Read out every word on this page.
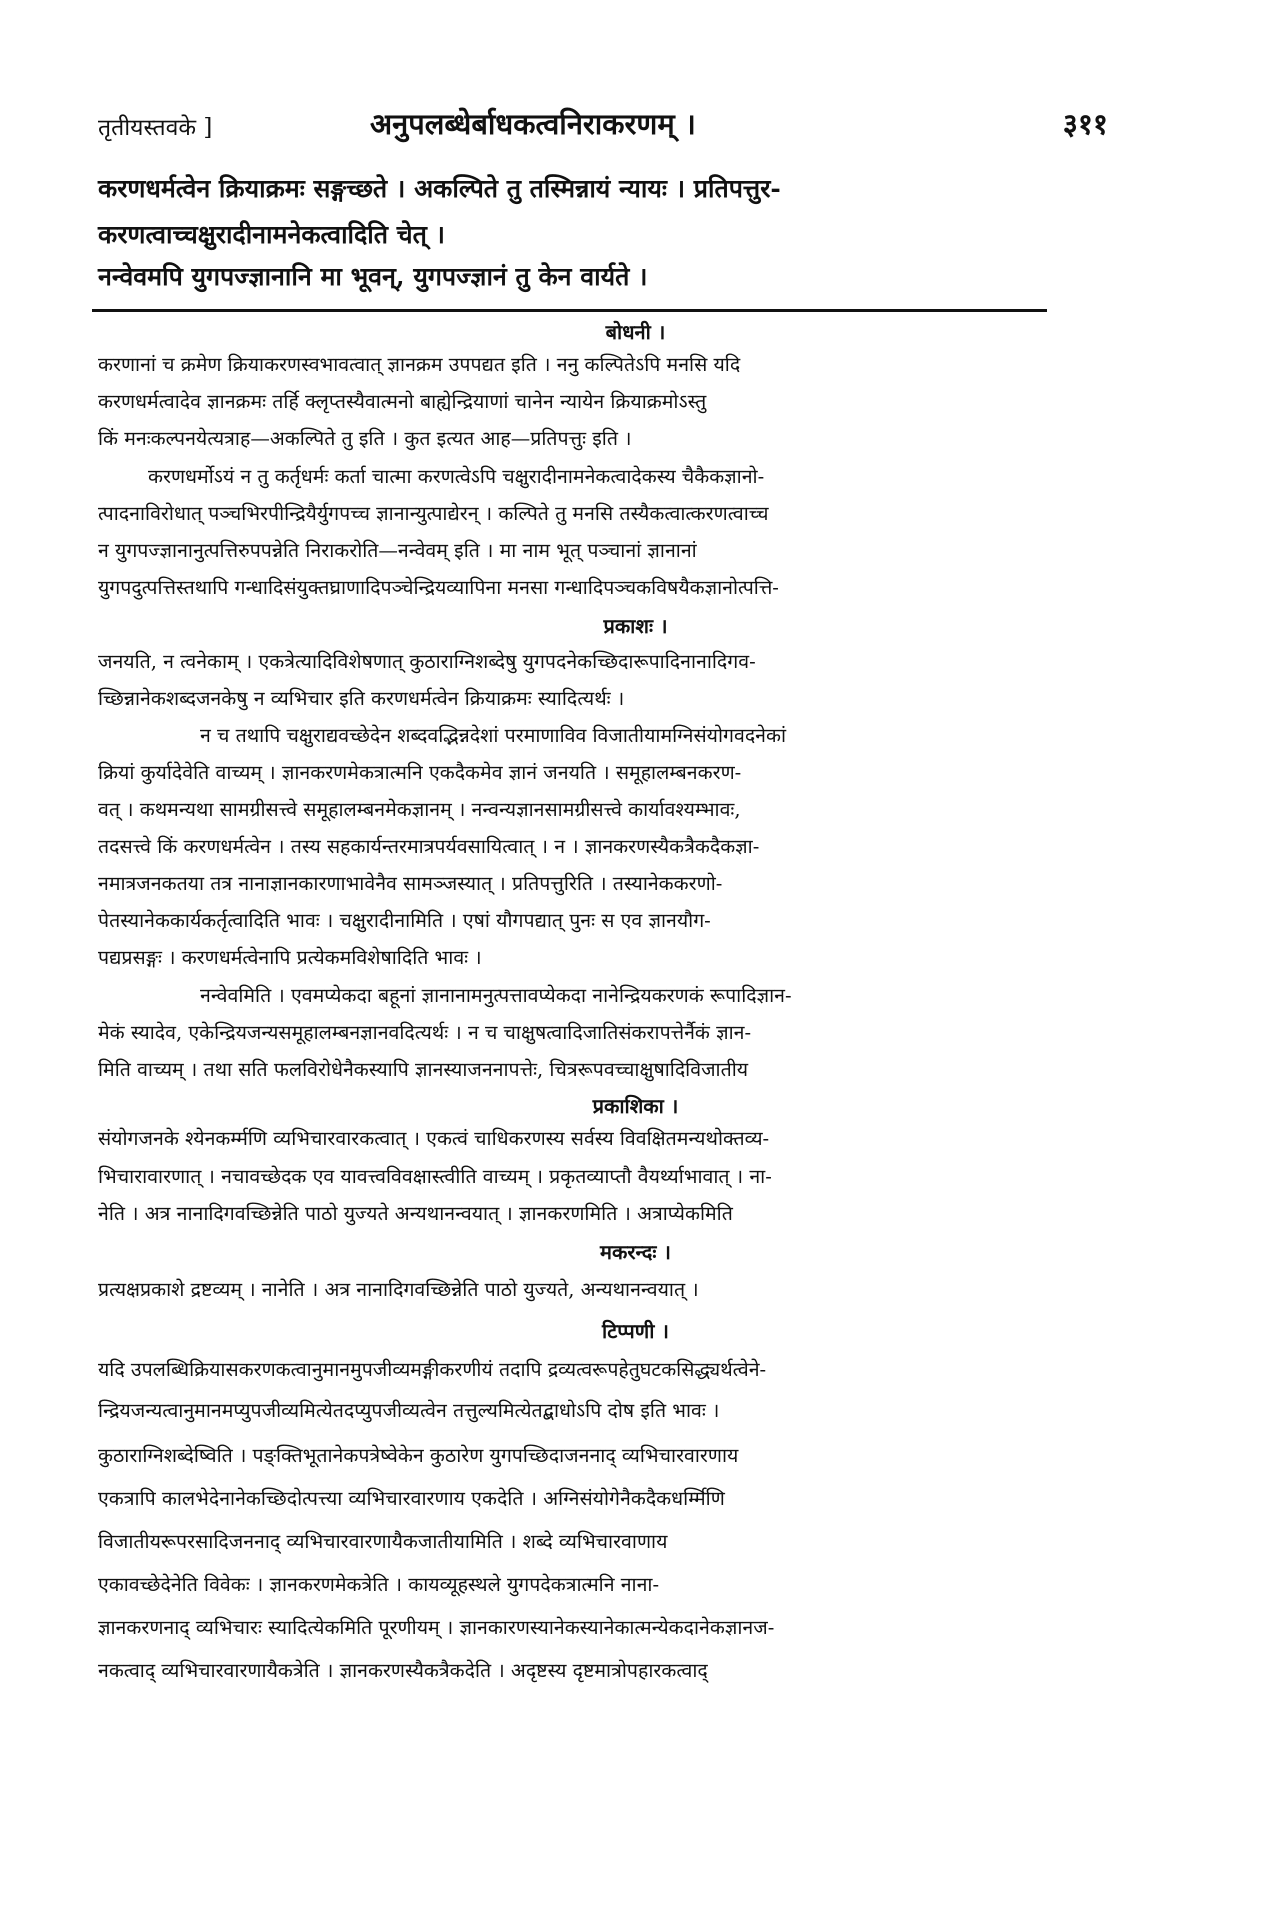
तृतीयस्तवके ]	अनुपलब्धेर्बाधकत्वनिराकरणम् ।	३११
करणधर्मत्वेन क्रियाक्रमः सङ्गच्छते । अकल्पिते तु तस्मिन्नायं न्यायः । प्रतिपत्तुर-
करणत्वाच्चक्षुरादीनामनेकत्वादिति चेत् ।
नन्वेवमपि युगपज्ज्ञानानि मा भूवन्, युगपज्ज्ञानं तु केन वार्यते ।
बोधनी ।
करणानां च क्रमेण क्रियाकरणस्वभावत्वात् ज्ञानक्रम उपपद्यत इति । ननु कल्पितेऽपि मनसि यदि
करणधर्मत्वादेव ज्ञानक्रमः तर्हि क्लृप्तस्यैवात्मनो बाह्येन्द्रियाणां चानेन न्यायेन क्रियाक्रमोऽस्तु
किं मनःकल्पनयेत्यत्राह—अकल्पिते तु इति । कुत इत्यत आह—प्रतिपत्तुः इति ।
करणधर्मोऽयं न तु कर्तृधर्मः कर्ता चात्मा करणत्वेऽपि चक्षुरादीनामनेकत्वादेकस्य चैकैकज्ञानो-
त्पादनाविरोधात् पञ्चभिरपीन्द्रियैर्युगपच्च ज्ञानान्युत्पाद्येरन् । कल्पिते तु मनसि तस्यैकत्वात्करणत्वाच्च
न युगपज्ज्ञानानुत्पत्तिरुपपन्नेति निराकरोति—नन्वेवम् इति । मा नाम भूत् पञ्चानां ज्ञानानां
युगपदुत्पत्तिस्तथापि गन्धादिसंयुक्तघ्राणादिपञ्चेन्द्रियव्यापिना मनसा गन्धादिपञ्चकविषयैकज्ञानोत्पत्ति-
प्रकाशः ।
जनयति, न त्वनेकाम् । एकत्रेत्यादिविशेषणात् कुठाराग्निशब्देषु युगपदनेकच्छिदारूपादिनानादिगव-
च्छिन्नानेकशब्दजनकेषु न व्यभिचार इति करणधर्मत्वेन क्रियाक्रमः स्यादित्यर्थः ।
न च तथापि चक्षुराद्यवच्छेदेन शब्दवद्भिन्नदेशां परमाणाविव विजातीयामग्निसंयोगवदनेकां
क्रियां कुर्यादेवेति वाच्यम् । ज्ञानकरणमेकत्रात्मनि एकदैकमेव ज्ञानं जनयति । समूहालम्बनकरण-
वत् । कथमन्यथा सामग्रीसत्त्वे समूहालम्बनमेकज्ञानम् । नन्वन्यज्ञानसामग्रीसत्त्वे कार्यावश्यम्भावः,
तदसत्त्वे किं करणधर्मत्वेन । तस्य सहकार्यन्तरमात्रपर्यवसायित्वात् । न । ज्ञानकरणस्यैकत्रैकदैकज्ञा-
नमात्रजनकतया तत्र नानाज्ञानकारणाभावेनैव सामञ्जस्यात् । प्रतिपत्तुरिति । तस्यानेककरणो-
पेतस्यानेककार्यकर्तृत्वादिति भावः । चक्षुरादीनामिति । एषां यौगपद्यात् पुनः स एव ज्ञानयौग-
पद्यप्रसङ्गः । करणधर्मत्वेनापि प्रत्येकमविशेषादिति भावः ।
नन्वेवमिति । एवमप्येकदा बहूनां ज्ञानानामनुत्पत्तावप्येकदा नानेन्द्रियकरणकं रूपादिज्ञान-
मेकं स्यादेव, एकेन्द्रियजन्यसमूहालम्बनज्ञानवदित्यर्थः । न च चाक्षुषत्वादिजातिसंकरापत्तेर्नैकं ज्ञान-
मिति वाच्यम् । तथा सति फलविरोधेनैकस्यापि ज्ञानस्याजननापत्तेः, चित्ररूपवच्चाक्षुषादिविजातीय
प्रकाशिका ।
संयोगजनके श्येनकर्म्मणि व्यभिचारवारकत्वात् । एकत्वं चाधिकरणस्य सर्वस्य विवक्षितमन्यथोक्तव्य-
भिचारावारणात् । नचावच्छेदक एव यावत्त्वविवक्षास्त्वीति वाच्यम् । प्रकृतव्याप्तौ वैयर्थ्याभावात् । ना-
नेति । अत्र नानादिगवच्छिन्नेति पाठो युज्यते अन्यथानन्वयात् । ज्ञानकरणमिति । अत्राप्येकमिति
मकरन्दः ।
प्रत्यक्षप्रकाशे द्रष्टव्यम् । नानेति । अत्र नानादिगवच्छिन्नेति पाठो युज्यते, अन्यथानन्वयात् ।
टिप्पणी ।
यदि उपलब्धिक्रियासकरणकत्वानुमानमुपजीव्यमङ्गीकरणीयं तदापि द्रव्यत्वरूपहेतुघटकसिद्ध्यर्थत्वेने-
न्द्रियजन्यत्वानुमानमप्युपजीव्यमित्येतदप्युपजीव्यत्वेन तत्तुल्यमित्येतद्बाधोऽपि दोष इति भावः ।
कुठाराग्निशब्देष्विति । पङ्क्तिभूतानेकपत्रेष्वेकेन कुठारेण युगपच्छिदाजननाद् व्यभिचारवारणाय
एकत्रापि कालभेदेनानेकच्छिदोत्पत्त्या व्यभिचारवारणाय एकदेति । अग्निसंयोगेनैकदैकधर्म्मिणि
विजातीयरूपरसादिजननाद् व्यभिचारवारणायैकजातीयामिति । शब्दे व्यभिचारवाणाय
एकावच्छेदेनेति विवेकः । ज्ञानकरणमेकत्रेति । कायव्यूहस्थले युगपदेकत्रात्मनि नाना-
ज्ञानकरणनाद् व्यभिचारः स्यादित्येकमिति पूरणीयम् । ज्ञानकारणस्यानेकस्यानेकात्मन्येकदानेकज्ञानज-
नकत्वाद् व्यभिचारवारणायैकत्रेति । ज्ञानकरणस्यैकत्रैकदेति । अदृष्टस्य दृष्टमात्रोपहारकत्वाद्
